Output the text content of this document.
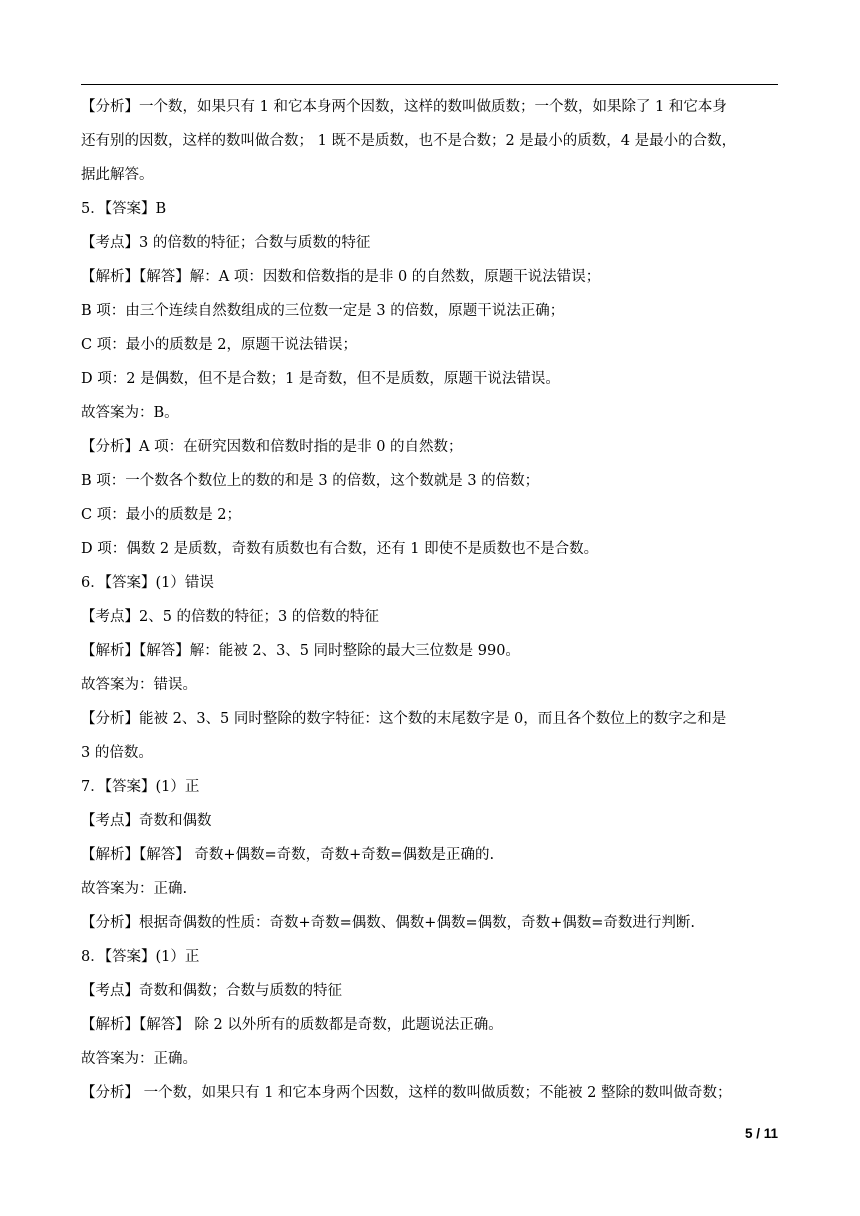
【分析】一个数，如果只有 1 和它本身两个因数，这样的数叫做质数；一个数，如果除了 1 和它本身
还有别的因数，这样的数叫做合数； 1 既不是质数，也不是合数；2 是最小的质数，4 是最小的合数，
据此解答。
5．【答案】B
【考点】3 的倍数的特征；合数与质数的特征
【解析】【解答】解：A 项：因数和倍数指的是非 0 的自然数，原题干说法错误；
B 项：由三个连续自然数组成的三位数一定是 3 的倍数，原题干说法正确；
C 项：最小的质数是 2，原题干说法错误；
D 项：2 是偶数，但不是合数；1 是奇数，但不是质数，原题干说法错误。
故答案为：B。
【分析】A 项：在研究因数和倍数时指的是非 0 的自然数；
B 项：一个数各个数位上的数的和是 3 的倍数，这个数就是 3 的倍数；
C 项：最小的质数是 2；
D 项：偶数 2 是质数，奇数有质数也有合数，还有 1 即使不是质数也不是合数。
6．【答案】(1）错误
【考点】2、5 的倍数的特征；3 的倍数的特征
【解析】【解答】解：能被 2、3、5 同时整除的最大三位数是 990。
故答案为：错误。
【分析】能被 2、3、5 同时整除的数字特征：这个数的末尾数字是 0，而且各个数位上的数字之和是
3 的倍数。
7．【答案】(1）正
【考点】奇数和偶数
【解析】【解答】 奇数+偶数=奇数，奇数+奇数=偶数是正确的.
故答案为：正确.
【分析】根据奇偶数的性质：奇数+奇数=偶数、偶数+偶数=偶数，奇数+偶数=奇数进行判断.
8．【答案】(1）正
【考点】奇数和偶数；合数与质数的特征
【解析】【解答】 除 2 以外所有的质数都是奇数，此题说法正确。
故答案为：正确。
【分析】 一个数，如果只有 1 和它本身两个因数，这样的数叫做质数；不能被 2 整除的数叫做奇数；
5 / 11
